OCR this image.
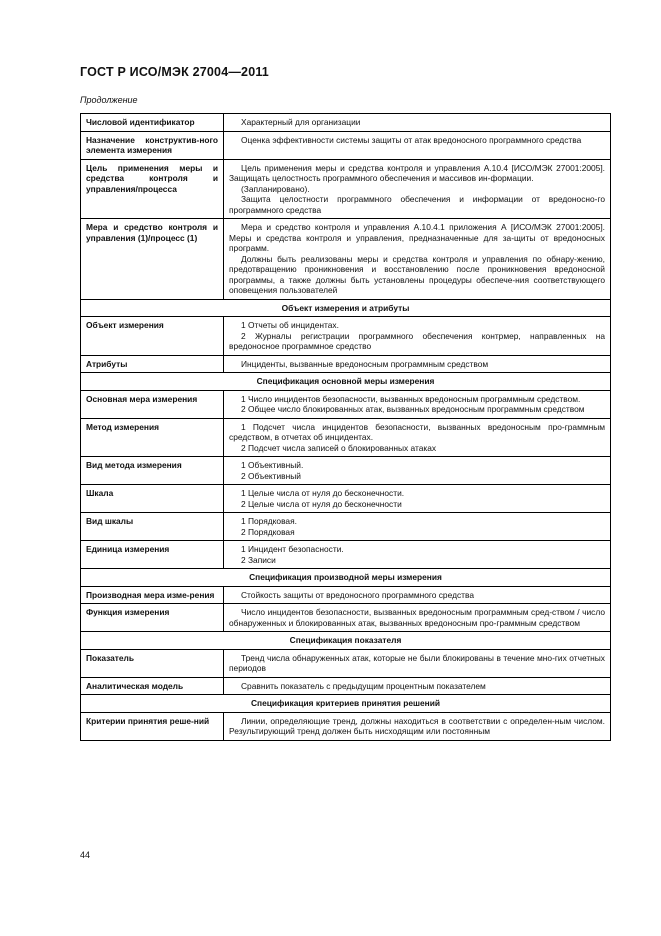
ГОСТ Р ИСО/МЭК 27004—2011
Продолжение
Числовой идентификатор	Характерный для организации

Назначение конструктив-ного элемента измерения	Оценка эффективности системы защиты от атак вредоносного программного средства

Цель применения меры и средства контроля и управления/процесса	Цель применения меры и средства контроля и управления А.10.4 [ИСО/МЭК 27001:2005]. Защищать целостность программного обеспечения и массивов ин-формации.
(Запланировано).
Защита целостности программного обеспечения и информации от вредоносно-го программного средства

Мера и средство контроля и управления (1)/процесс (1)	Мера и средство контроля и управления А.10.4.1 приложения А [ИСО/МЭК 27001:2005]. Меры и средства контроля и управления, предназначенные для за-щиты от вредоносных программ.
Должны быть реализованы меры и средства контроля и управления по обнару-жению, предотвращению проникновения и восстановлению после проникновения вредоносной программы, а также должны быть установлены процедуры обеспече-ния соответствующего оповещения пользователей

Объект измерения и атрибуты	
Объект измерения	1 Отчеты об инцидентах.
2 Журналы регистрации программного обеспечения контрмер, направленных на вредоносное программное средство

Атрибуты	Инциденты, вызванные вредоносным программным средством

Спецификация основной меры измерения	
Основная мера измерения	1 Число инцидентов безопасности, вызванных вредоносным программным средством.
2 Общее число блокированных атак, вызванных вредоносным программным средством

Метод измерения	1 Подсчет числа инцидентов безопасности, вызванных вредоносным про-граммным средством, в отчетах об инцидентах.
2 Подсчет числа записей о блокированных атаках

Вид метода измерения	1 Объективный.
2 Объективный

Шкала	1 Целые числа от нуля до бесконечности.
2 Целые числа от нуля до бесконечности

Вид шкалы	1 Порядковая.
2 Порядковая

Единица измерения	1 Инцидент безопасности.
2 Записи

Спецификация производной меры измерения	
Производная мера изме-рения	Стойкость защиты от вредоносного программного средства

Функция измерения	Число инцидентов безопасности, вызванных вредоносным программным сред-ством / число обнаруженных и блокированных атак, вызванных вредоносным про-граммным средством

Спецификация показателя	
Показатель	Тренд числа обнаруженных атак, которые не были блокированы в течение мно-гих отчетных периодов

Аналитическая модель	Сравнить показатель с предыдущим процентным показателем

Спецификация критериев принятия решений	
Критерии принятия реше-ний	Линии, определяющие тренд, должны находиться в соответствии с определен-ным числом. Результирующий тренд должен быть нисходящим или постоянным
44
